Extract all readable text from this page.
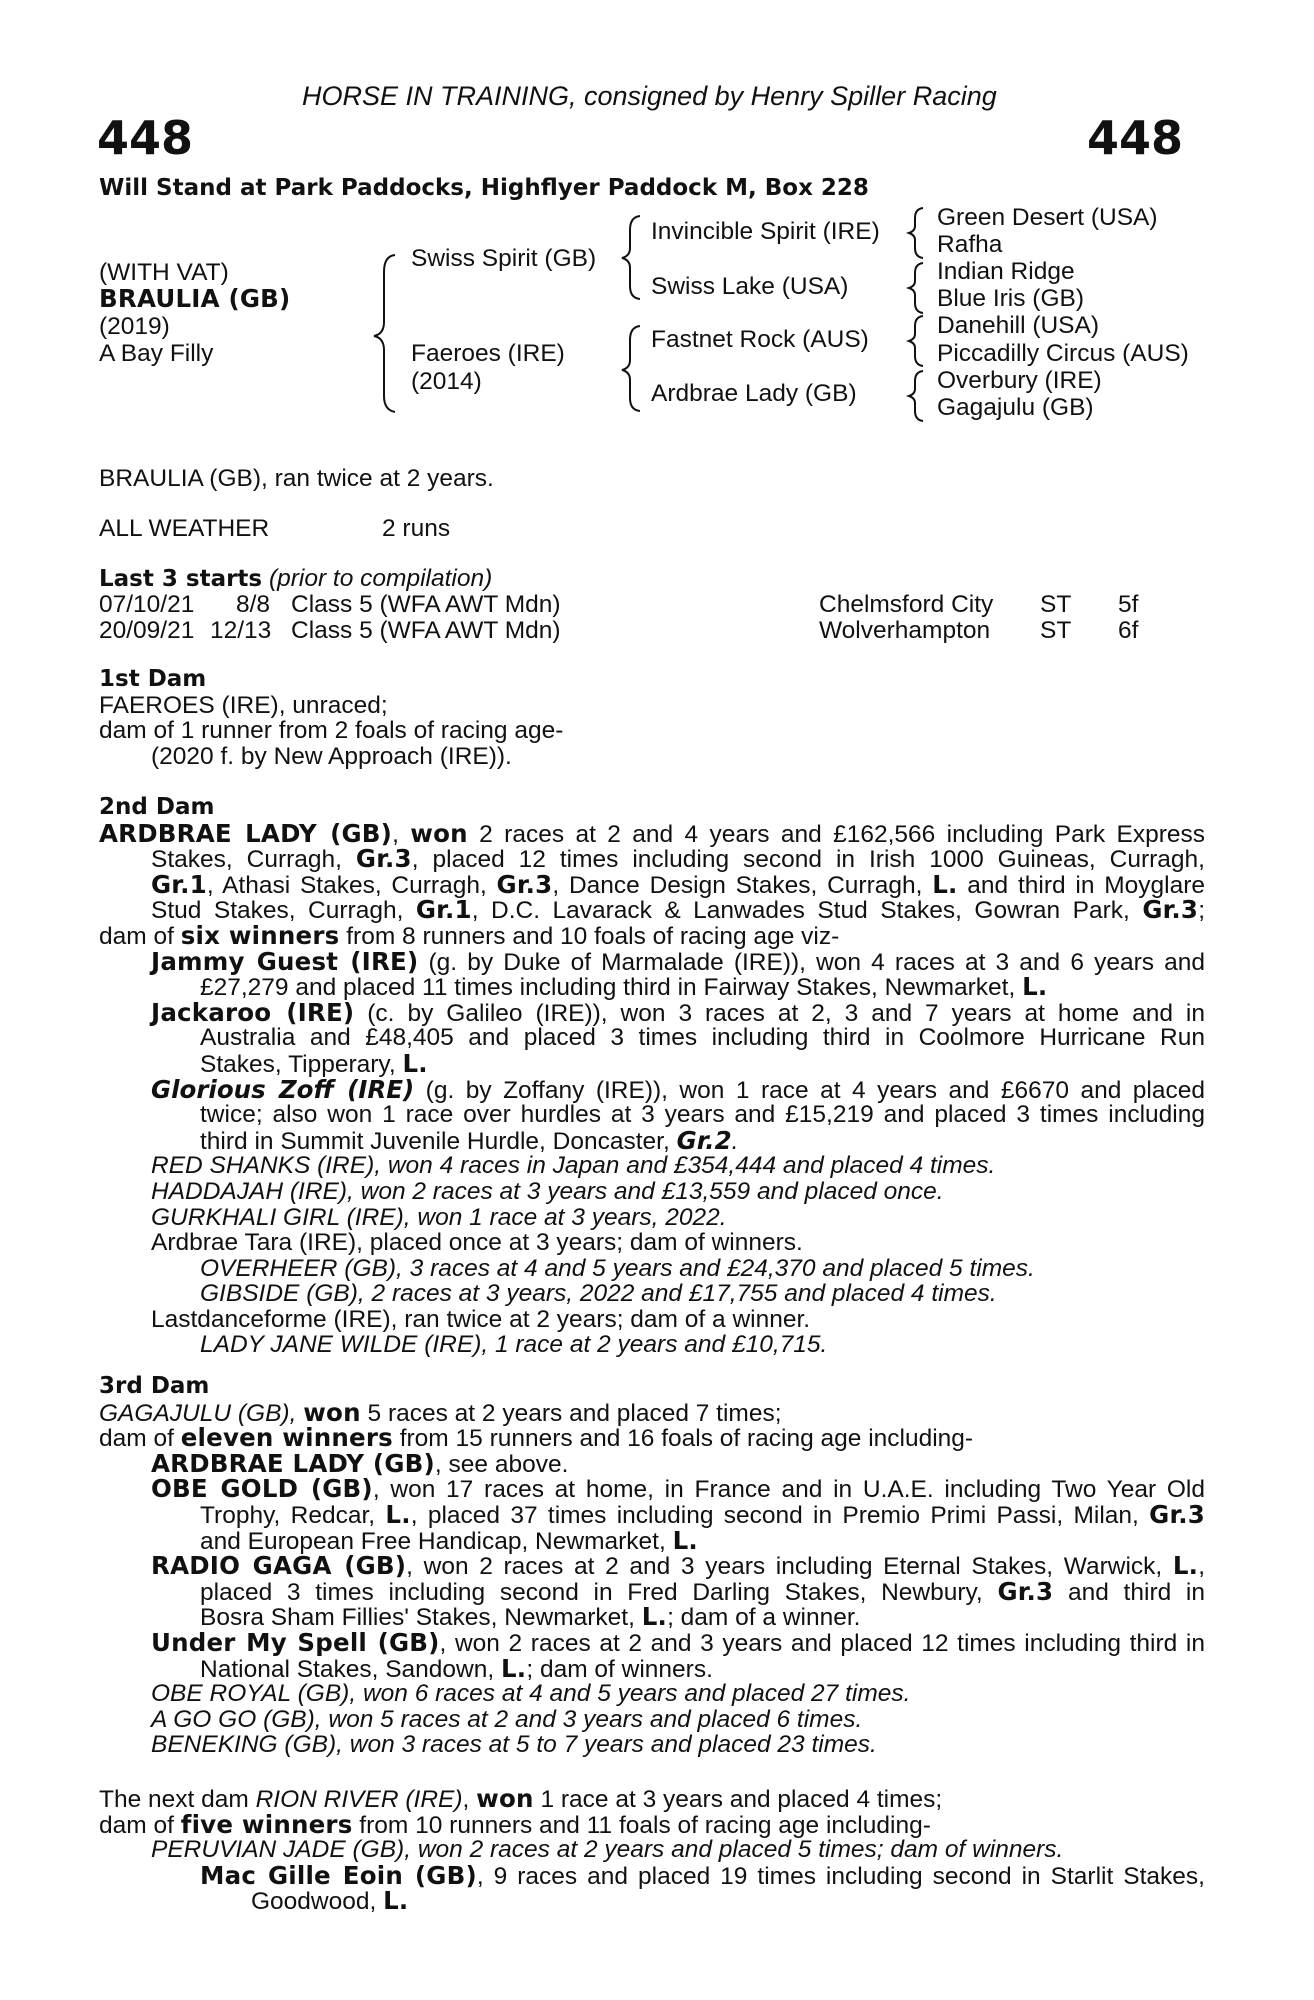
HORSE IN TRAINING, consigned by Henry Spiller Racing
448	448
Will Stand at Park Paddocks, Highflyer Paddock M, Box 228
(WITH VAT)
BRAULIA (GB)
(2019)
A Bay Filly
Swiss Spirit (GB)
Faeroes (IRE)
(2014)
Invincible Spirit (IRE)
Swiss Lake (USA)
Fastnet Rock (AUS)
Ardbrae Lady (GB)
Green Desert (USA)
Rafha
Indian Ridge
Blue Iris (GB)
Danehill (USA)
Piccadilly Circus (AUS)
Overbury (IRE)
Gagajulu (GB)
BRAULIA (GB), ran twice at 2 years.
ALL WEATHER	2 runs
Last 3 starts (prior to compilation)
07/10/21 8/8 Class 5 (WFA AWT Mdn)	Chelmsford City ST 5f
20/09/21 12/13 Class 5 (WFA AWT Mdn)	Wolverhampton ST 6f
1st Dam
FAEROES (IRE), unraced;
dam of 1 runner from 2 foals of racing age-
(2020 f. by New Approach (IRE)).
2nd Dam
ARDBRAE LADY (GB), won 2 races at 2 and 4 years and £162,566 including Park Express
Stakes, Curragh, Gr.3, placed 12 times including second in Irish 1000 Guineas, Curragh,
Gr.1, Athasi Stakes, Curragh, Gr.3, Dance Design Stakes, Curragh, L. and third in Moyglare
Stud Stakes, Curragh, Gr.1, D.C. Lavarack & Lanwades Stud Stakes, Gowran Park, Gr.3;
dam of six winners from 8 runners and 10 foals of racing age viz-
Jammy Guest (IRE) (g. by Duke of Marmalade (IRE)), won 4 races at 3 and 6 years and
£27,279 and placed 11 times including third in Fairway Stakes, Newmarket, L.
Jackaroo (IRE) (c. by Galileo (IRE)), won 3 races at 2, 3 and 7 years at home and in
Australia and £48,405 and placed 3 times including third in Coolmore Hurricane Run
Stakes, Tipperary, L.
Glorious Zoff (IRE) (g. by Zoffany (IRE)), won 1 race at 4 years and £6670 and placed
twice; also won 1 race over hurdles at 3 years and £15,219 and placed 3 times including
third in Summit Juvenile Hurdle, Doncaster, Gr.2.
RED SHANKS (IRE), won 4 races in Japan and £354,444 and placed 4 times.
HADDAJAH (IRE), won 2 races at 3 years and £13,559 and placed once.
GURKHALI GIRL (IRE), won 1 race at 3 years, 2022.
Ardbrae Tara (IRE), placed once at 3 years; dam of winners.
OVERHEER (GB), 3 races at 4 and 5 years and £24,370 and placed 5 times.
GIBSIDE (GB), 2 races at 3 years, 2022 and £17,755 and placed 4 times.
Lastdanceforme (IRE), ran twice at 2 years; dam of a winner.
LADY JANE WILDE (IRE), 1 race at 2 years and £10,715.
3rd Dam
GAGAJULU (GB), won 5 races at 2 years and placed 7 times;
dam of eleven winners from 15 runners and 16 foals of racing age including-
ARDBRAE LADY (GB), see above.
OBE GOLD (GB), won 17 races at home, in France and in U.A.E. including Two Year Old
Trophy, Redcar, L., placed 37 times including second in Premio Primi Passi, Milan, Gr.3
and European Free Handicap, Newmarket, L.
RADIO GAGA (GB), won 2 races at 2 and 3 years including Eternal Stakes, Warwick, L.,
placed 3 times including second in Fred Darling Stakes, Newbury, Gr.3 and third in
Bosra Sham Fillies' Stakes, Newmarket, L.; dam of a winner.
Under My Spell (GB), won 2 races at 2 and 3 years and placed 12 times including third in
National Stakes, Sandown, L.; dam of winners.
OBE ROYAL (GB), won 6 races at 4 and 5 years and placed 27 times.
A GO GO (GB), won 5 races at 2 and 3 years and placed 6 times.
BENEKING (GB), won 3 races at 5 to 7 years and placed 23 times.
The next dam RION RIVER (IRE), won 1 race at 3 years and placed 4 times;
dam of five winners from 10 runners and 11 foals of racing age including-
PERUVIAN JADE (GB), won 2 races at 2 years and placed 5 times; dam of winners.
Mac Gille Eoin (GB), 9 races and placed 19 times including second in Starlit Stakes,
Goodwood, L.
